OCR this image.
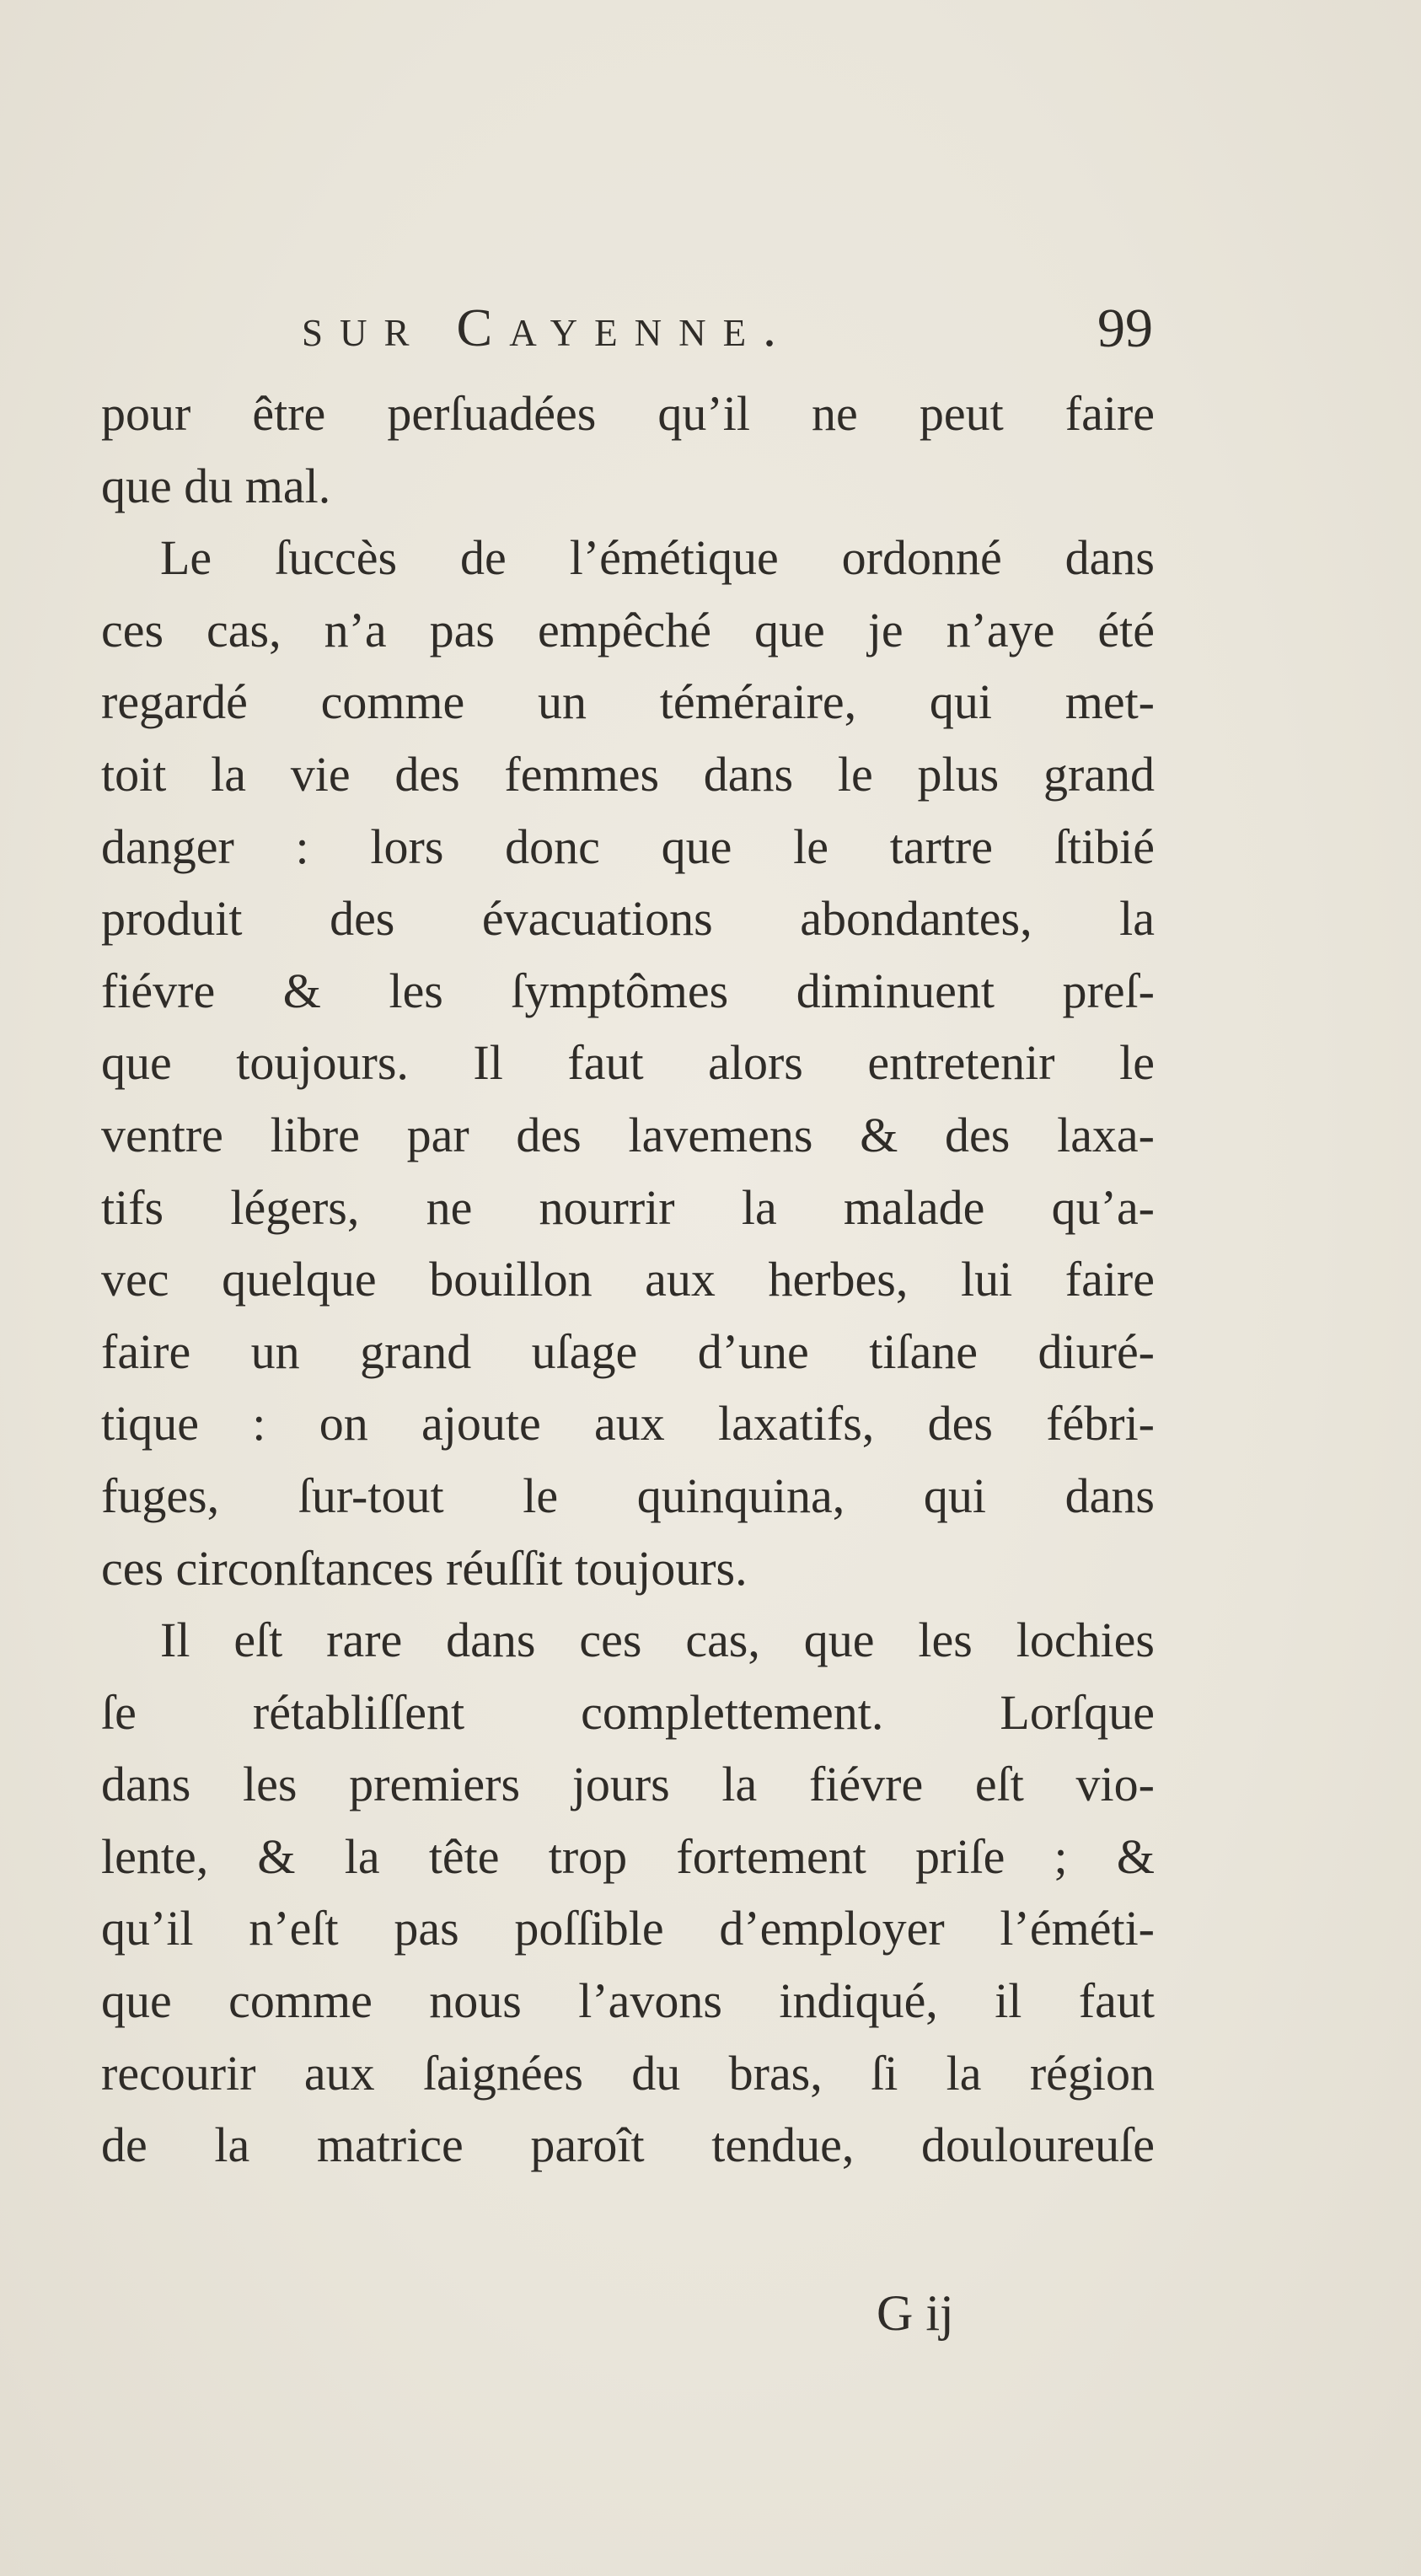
sur Cayenne.	99
pour être perſuadées qu’il ne peut faire
que du mal.
Le ſuccès de l’émétique ordonné dans
ces cas, n’a pas empêché que je n’aye été
regardé comme un téméraire, qui met-
toit la vie des femmes dans le plus grand
danger : lors donc que le tartre ſtibié
produit des évacuations abondantes, la
fiévre & les ſymptômes diminuent preſ-
que toujours. Il faut alors entretenir le
ventre libre par des lavemens & des laxa-
tifs légers, ne nourrir la malade qu’a-
vec quelque bouillon aux herbes, lui faire
faire un grand uſage d’une tiſane diuré-
tique : on ajoute aux laxatifs, des fébri-
fuges, ſur-tout le quinquina, qui dans
ces circonſtances réuſſit toujours.
Il eſt rare dans ces cas, que les lochies
ſe rétabliſſent complettement. Lorſque
dans les premiers jours la fiévre eſt vio-
lente, & la tête trop fortement priſe ; &
qu’il n’eſt pas poſſible d’employer l’éméti-
que comme nous l’avons indiqué, il faut
recourir aux ſaignées du bras, ſi la région
de la matrice paroît tendue, douloureuſe
G ij
